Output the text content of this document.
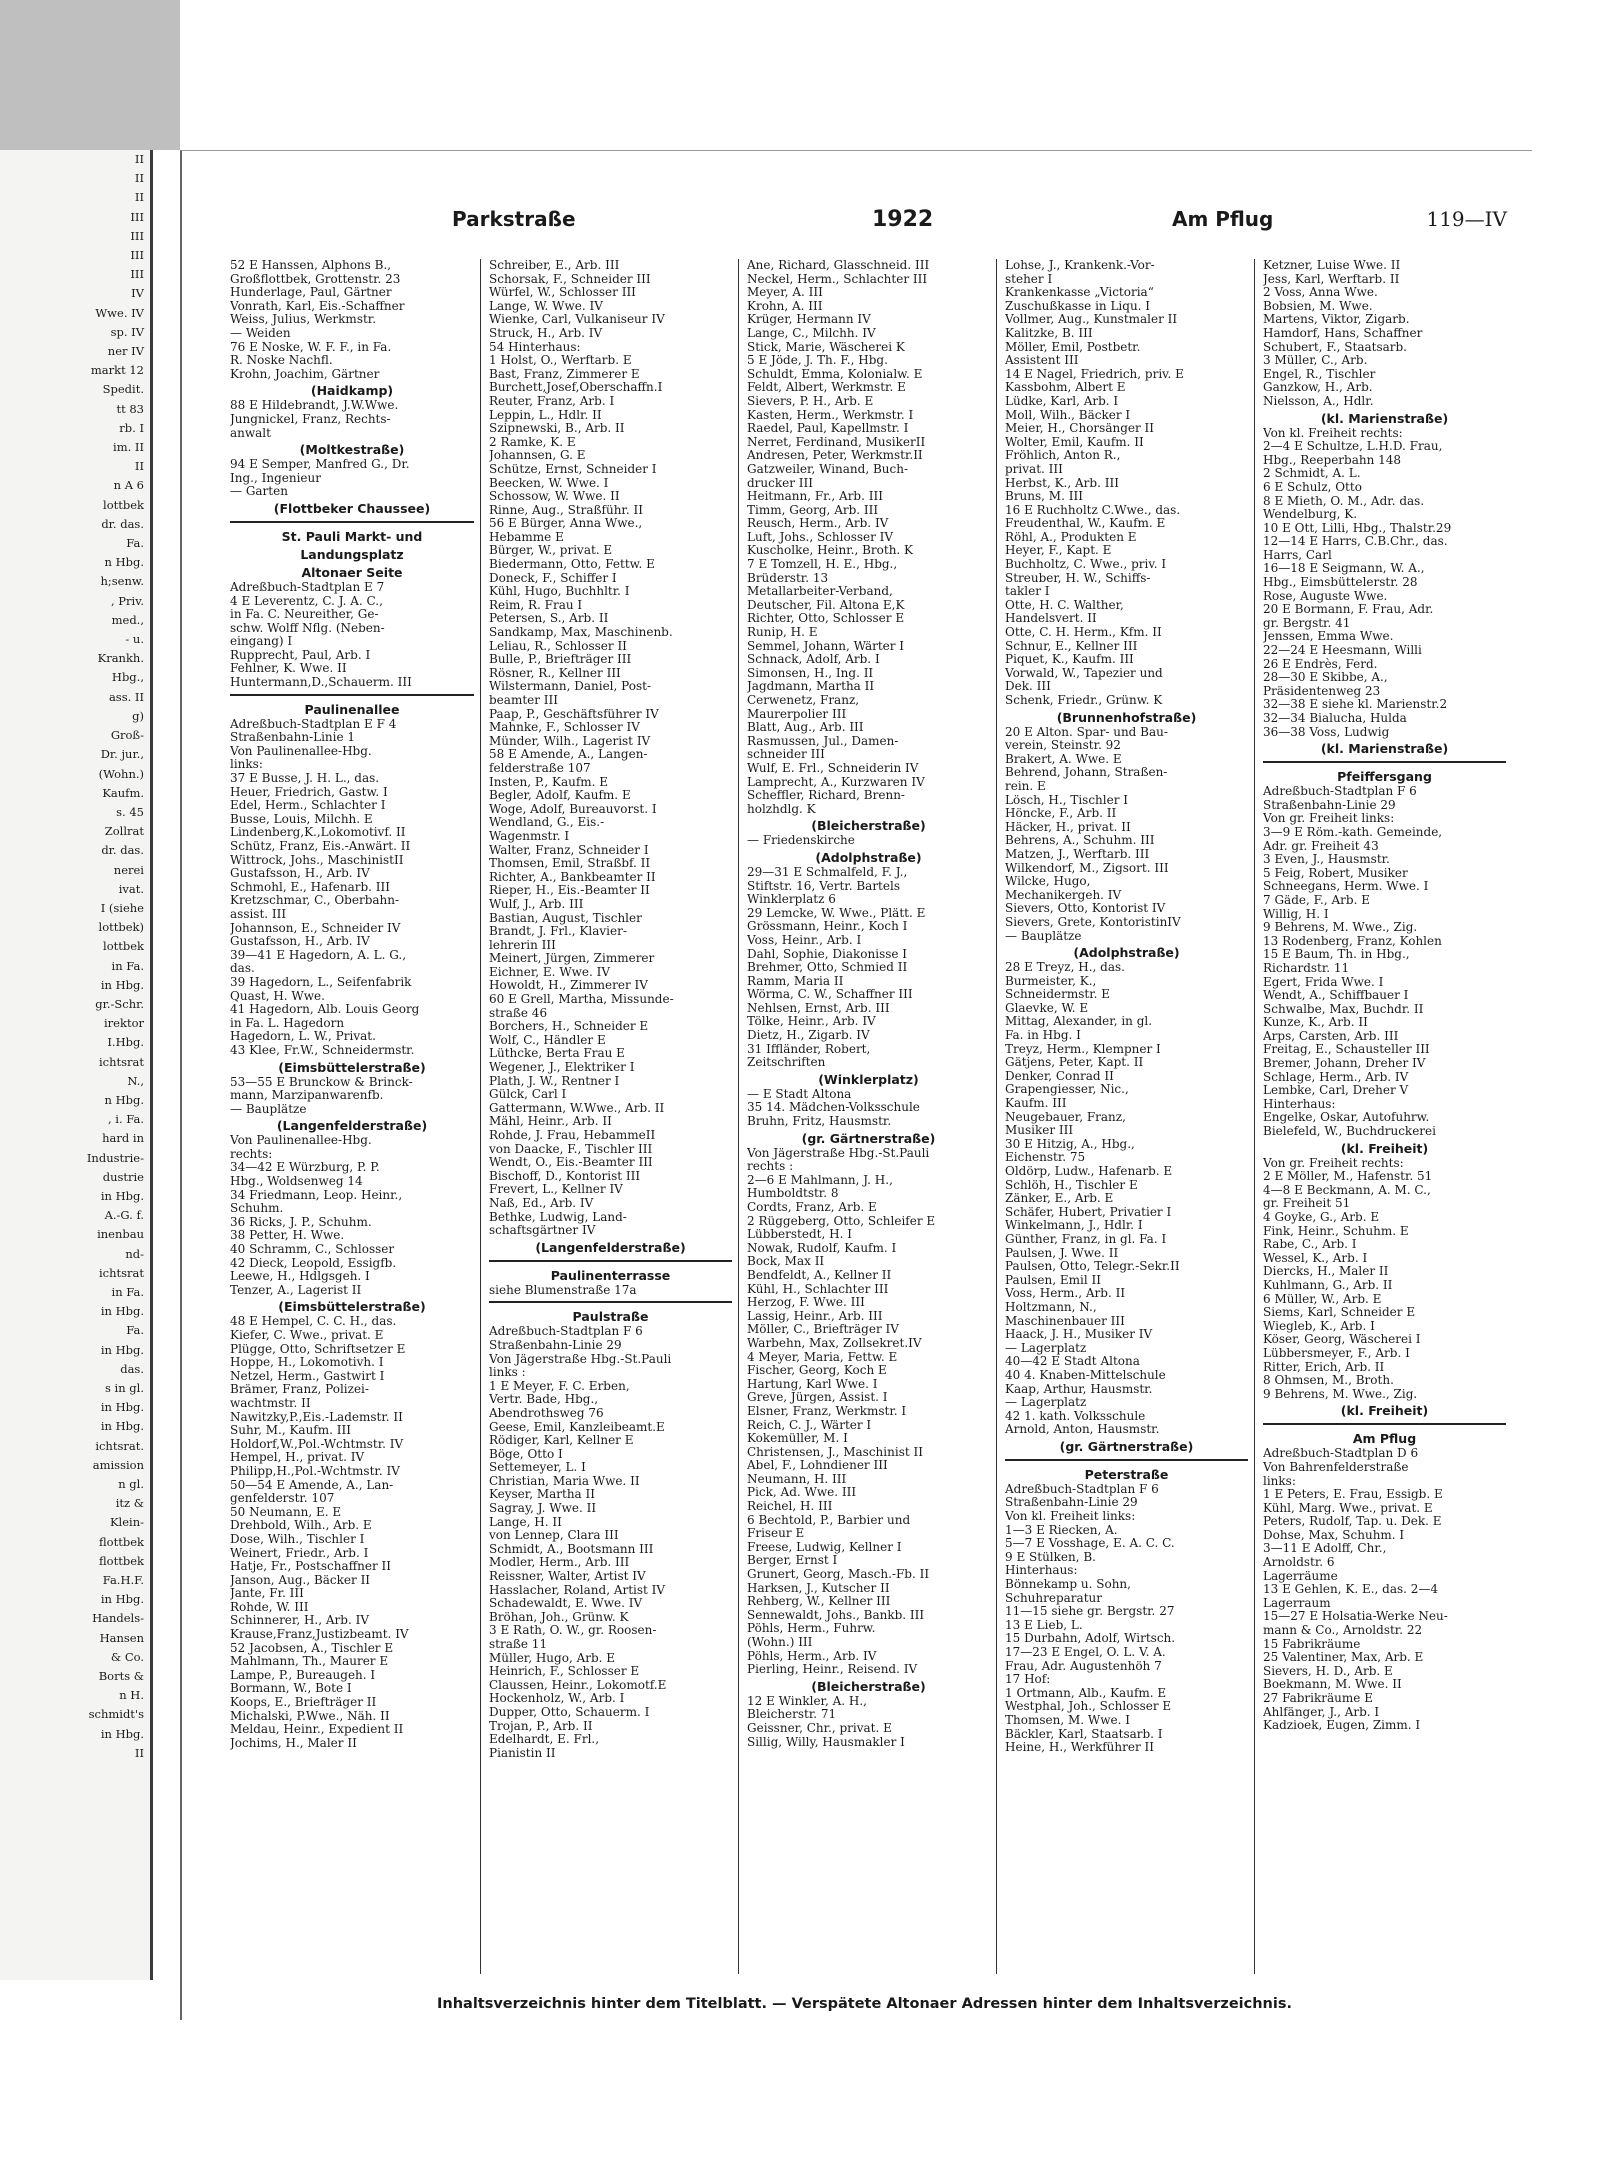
II
II
II
III
III
III
III
IV
Wwe. IV
sp. IV
ner IV
markt 12
Spedit.
tt 83
rb. I
im. II
II
n A 6
lottbek
dr. das.
Fa.
n Hbg.
h;senw.
, Priv.
med.,
- u.
Krankh.
Hbg.,
ass. II
g)
Groß-
Dr. jur.,
(Wohn.)
Kaufm.
s. 45
Zollrat
dr. das.
nerei
ivat.
I (siehe
lottbek)
lottbek
in Fa.
in Hbg.
gr.-Schr.
irektor
I.Hbg.
ichtsrat
N.,
n Hbg.
, i. Fa.
hard in
Industrie-
dustrie
in Hbg.
A.-G. f.
inenbau
nd-
ichtsrat
in Fa.
in Hbg.
Fa.
in Hbg.
das.
s in gl.
in Hbg.
in Hbg.
ichtsrat.
amission
n gl.
itz &
Klein-
flottbek
flottbek
Fa.H.F.
in Hbg.
Handels-
Hansen
& Co.
Borts &
n H.
schmidt's
in Hbg.
II
Parkstraße	1922	Am Pflug	119—IV
52 E Hanssen, Alphons B.,
Großflottbek, Grottenstr. 23
Hunderlage, Paul, Gärtner
Vonrath, Karl, Eis.-Schaffner
Weiss, Julius, Werkmstr.
— Weiden
76 E Noske, W. F. F., in Fa.
R. Noske Nachfl.
Krohn, Joachim, Gärtner
(Haidkamp)
88 E Hildebrandt, J.W.Wwe.
Jungnickel, Franz, Rechts-
anwalt
(Moltkestraße)
94 E Semper, Manfred G., Dr.
Ing., Ingenieur
— Garten
(Flottbeker Chaussee)
St. Pauli Markt- und
Landungsplatz
Altonaer Seite
Adreßbuch-Stadtplan E 7
4 E Leverentz, C. J. A. C.,
in Fa. C. Neureither, Ge-
schw. Wolff Nflg. (Neben-
eingang) I
Rupprecht, Paul, Arb. I
Fehlner, K. Wwe. II
Huntermann,D.,Schauerm. III
Paulinenallee
Adreßbuch-Stadtplan E F 4
Straßenbahn-Linie 1
Von Paulinenallee-Hbg.
links:
37 E Busse, J. H. L., das.
Heuer, Friedrich, Gastw. I
Edel, Herm., Schlachter I
Busse, Louis, Milchh. E
Lindenberg,K.,Lokomotivf. II
Schütz, Franz, Eis.-Anwärt. II
Wittrock, Johs., MaschinistII
Gustafsson, H., Arb. IV
Schmohl, E., Hafenarb. III
Kretzschmar, C., Oberbahn-
assist. III
Johannson, E., Schneider IV
Gustafsson, H., Arb. IV
39—41 E Hagedorn, A. L. G.,
das.
39 Hagedorn, L., Seifenfabrik
Quast, H. Wwe.
41 Hagedorn, Alb. Louis Georg
in Fa. L. Hagedorn
Hagedorn, L. W., Privat.
43 Klee, Fr.W., Schneidermstr.
(Eimsbüttelerstraße)
53—55 E Brunckow & Brinck-
mann, Marzipanwarenfb.
— Bauplätze
(Langenfelderstraße)
Von Paulinenallee-Hbg.
rechts:
34—42 E Würzburg, P. P.
Hbg., Woldsenweg 14
34 Friedmann, Leop. Heinr.,
Schuhm.
36 Ricks, J. P., Schuhm.
38 Petter, H. Wwe.
40 Schramm, C., Schlosser
42 Dieck, Leopold, Essigfb.
Leewe, H., Hdlgsgeh. I
Tenzer, A., Lagerist II
(Eimsbüttelerstraße)
48 E Hempel, C. C. H., das.
Kiefer, C. Wwe., privat. E
Plügge, Otto, Schriftsetzer E
Hoppe, H., Lokomotivh. I
Netzel, Herm., Gastwirt I
Brämer, Franz, Polizei-
wachtmstr. II
Nawitzky,P.,Eis.-Lademstr. II
Suhr, M., Kaufm. III
Holdorf,W.,Pol.-Wchtmstr. IV
Hempel, H., privat. IV
Philipp,H.,Pol.-Wchtmstr. IV
50—54 E Amende, A., Lan-
genfelderstr. 107
50 Neumann, E. E
Drehbold, Wilh., Arb. E
Dose, Wilh., Tischler I
Weinert, Friedr., Arb. I
Hatje, Fr., Postschaffner II
Janson, Aug., Bäcker II
Jante, Fr. III
Rohde, W. III
Schinnerer, H., Arb. IV
Krause,Franz,Justizbeamt. IV
52 Jacobsen, A., Tischler E
Mahlmann, Th., Maurer E
Lampe, P., Bureaugeh. I
Bormann, W., Bote I
Koops, E., Briefträger II
Michalski, P.Wwe., Näh. II
Meldau, Heinr., Expedient II
Jochims, H., Maler II
Schreiber, E., Arb. III
Schorsak, F., Schneider III
Würfel, W., Schlosser III
Lange, W. Wwe. IV
Wienke, Carl, Vulkaniseur IV
Struck, H., Arb. IV
54 Hinterhaus:
1 Holst, O., Werftarb. E
Bast, Franz, Zimmerer E
Burchett,Josef,Oberschaffn.I
Reuter, Franz, Arb. I
Leppin, L., Hdlr. II
Szipnewski, B., Arb. II
2 Ramke, K. E
Johannsen, G. E
Schütze, Ernst, Schneider I
Beecken, W. Wwe. I
Schossow, W. Wwe. II
Rinne, Aug., Straßführ. II
56 E Bürger, Anna Wwe.,
Hebamme E
Bürger, W., privat. E
Biedermann, Otto, Fettw. E
Doneck, F., Schiffer I
Kühl, Hugo, Buchhltr. I
Reim, R. Frau I
Petersen, S., Arb. II
Sandkamp, Max, Maschinenb.
Leliau, R., Schlosser II
Bulle, P., Briefträger III
Rösner, R., Kellner III
Wilstermann, Daniel, Post-
beamter III
Paap, P., Geschäftsführer IV
Mahnke, F., Schlosser IV
Münder, Wilh., Lagerist IV
58 E Amende, A., Langen-
felderstraße 107
Insten, P., Kaufm. E
Begler, Adolf, Kaufm. E
Woge, Adolf, Bureauvorst. I
Wendland, G., Eis.-
Wagenmstr. I
Walter, Franz, Schneider I
Thomsen, Emil, Straßbf. II
Richter, A., Bankbeamter II
Rieper, H., Eis.-Beamter II
Wulf, J., Arb. III
Bastian, August, Tischler
Brandt, J. Frl., Klavier-
lehrerin III
Meinert, Jürgen, Zimmerer
Eichner, E. Wwe. IV
Howoldt, H., Zimmerer IV
60 E Grell, Martha, Missunde-
straße 46
Borchers, H., Schneider E
Wolf, C., Händler E
Lüthcke, Berta Frau E
Wegener, J., Elektriker I
Plath, J. W., Rentner I
Gülck, Carl I
Gattermann, W.Wwe., Arb. II
Mähl, Heinr., Arb. II
Rohde, J. Frau, HebammeII
von Daacke, F., Tischler III
Wendt, O., Eis.-Beamter III
Bischoff, D., Kontorist III
Frevert, L., Kellner IV
Naß, Ed., Arb. IV
Bethke, Ludwig, Land-
schaftsgärtner IV
(Langenfelderstraße)
Paulinenterrasse
siehe Blumenstraße 17a
Paulstraße
Adreßbuch-Stadtplan F 6
Straßenbahn-Linie 29
Von Jägerstraße Hbg.-St.Pauli
links :
1 E Meyer, F. C. Erben,
Vertr. Bade, Hbg.,
Abendrothsweg 76
Geese, Emil, Kanzleibeamt.E
Rödiger, Karl, Kellner E
Böge, Otto I
Settemeyer, L. I
Christian, Maria Wwe. II
Keyser, Martha II
Sagray, J. Wwe. II
Lange, H. II
von Lennep, Clara III
Schmidt, A., Bootsmann III
Modler, Herm., Arb. III
Reissner, Walter, Artist IV
Hasslacher, Roland, Artist IV
Schadewaldt, E. Wwe. IV
Bröhan, Joh., Grünw. K
3 E Rath, O. W., gr. Roosen-
straße 11
Müller, Hugo, Arb. E
Heinrich, F., Schlosser E
Claussen, Heinr., Lokomotf.E
Hockenholz, W., Arb. I
Dupper, Otto, Schauerm. I
Trojan, P., Arb. II
Edelhardt, E. Frl.,
Pianistin II
Ane, Richard, Glasschneid. III
Neckel, Herm., Schlachter III
Meyer, A. III
Krohn, A. III
Krüger, Hermann IV
Lange, C., Milchh. IV
Stick, Marie, Wäscherei K
5 E Jöde, J. Th. F., Hbg.
Schuldt, Emma, Kolonialw. E
Feldt, Albert, Werkmstr. E
Sievers, P. H., Arb. E
Kasten, Herm., Werkmstr. I
Raedel, Paul, Kapellmstr. I
Nerret, Ferdinand, MusikerII
Andresen, Peter, Werkmstr.II
Gatzweiler, Winand, Buch-
drucker III
Heitmann, Fr., Arb. III
Timm, Georg, Arb. III
Reusch, Herm., Arb. IV
Luft, Johs., Schlosser IV
Kuscholke, Heinr., Broth. K
7 E Tomzell, H. E., Hbg.,
Brüderstr. 13
Metallarbeiter-Verband,
Deutscher, Fil. Altona E,K
Richter, Otto, Schlosser E
Runip, H. E
Semmel, Johann, Wärter I
Schnack, Adolf, Arb. I
Simonsen, H., Ing. II
Jagdmann, Martha II
Cerwenetz, Franz,
Maurerpolier III
Blatt, Aug., Arb. III
Rasmussen, Jul., Damen-
schneider III
Wulf, E. Frl., Schneiderin IV
Lamprecht, A., Kurzwaren IV
Scheffler, Richard, Brenn-
holzhdlg. K
(Bleicherstraße)
— Friedenskirche
(Adolphstraße)
29—31 E Schmalfeld, F. J.,
Stiftstr. 16, Vertr. Bartels
Winklerplatz 6
29 Lemcke, W. Wwe., Plätt. E
Grössmann, Heinr., Koch I
Voss, Heinr., Arb. I
Dahl, Sophie, Diakonisse I
Brehmer, Otto, Schmied II
Ramm, Maria II
Wörma, C. W., Schaffner III
Nehlsen, Ernst, Arb. III
Tölke, Heinr., Arb. IV
Dietz, H., Zigarb. IV
31 Iffländer, Robert,
Zeitschriften
(Winklerplatz)
— E Stadt Altona
35 14. Mädchen-Volksschule
Bruhn, Fritz, Hausmstr.
(gr. Gärtnerstraße)
Von Jägerstraße Hbg.-St.Pauli
rechts :
2—6 E Mahlmann, J. H.,
Humboldtstr. 8
Cordts, Franz, Arb. E
2 Rüggeberg, Otto, Schleifer E
Lübberstedt, H. I
Nowak, Rudolf, Kaufm. I
Bock, Max II
Bendfeldt, A., Kellner II
Kühl, H., Schlachter III
Herzog, F. Wwe. III
Lassig, Heinr., Arb. III
Möller, C., Briefträger IV
Warbehn, Max, Zollsekret.IV
4 Meyer, Maria, Fettw. E
Fischer, Georg, Koch E
Hartung, Karl Wwe. I
Greve, Jürgen, Assist. I
Elsner, Franz, Werkmstr. I
Reich, C. J., Wärter I
Kokemüller, M. I
Christensen, J., Maschinist II
Abel, F., Lohndiener III
Neumann, H. III
Pick, Ad. Wwe. III
Reichel, H. III
6 Bechtold, P., Barbier und
Friseur E
Freese, Ludwig, Kellner I
Berger, Ernst I
Grunert, Georg, Masch.-Fb. II
Harksen, J., Kutscher II
Rehberg, W., Kellner III
Sennewaldt, Johs., Bankb. III
Pöhls, Herm., Fuhrw.
(Wohn.) III
Pöhls, Herm., Arb. IV
Pierling, Heinr., Reisend. IV
(Bleicherstraße)
12 E Winkler, A. H.,
Bleicherstr. 71
Geissner, Chr., privat. E
Sillig, Willy, Hausmakler I
Lohse, J., Krankenk.-Vor-
steher I
Krankenkasse „Victoria“
Zuschußkasse in Liqu. I
Vollmer, Aug., Kunstmaler II
Kalitzke, B. III
Möller, Emil, Postbetr.
Assistent III
14 E Nagel, Friedrich, priv. E
Kassbohm, Albert E
Lüdke, Karl, Arb. I
Moll, Wilh., Bäcker I
Meier, H., Chorsänger II
Wolter, Emil, Kaufm. II
Fröhlich, Anton R.,
privat. III
Herbst, K., Arb. III
Bruns, M. III
16 E Ruchholtz C.Wwe., das.
Freudenthal, W., Kaufm. E
Röhl, A., Produkten E
Heyer, F., Kapt. E
Buchholtz, C. Wwe., priv. I
Streuber, H. W., Schiffs-
takler I
Otte, H. C. Walther,
Handelsvert. II
Otte, C. H. Herm., Kfm. II
Schnur, E., Kellner III
Piquet, K., Kaufm. III
Vorwald, W., Tapezier und
Dek. III
Schenk, Friedr., Grünw. K
(Brunnenhofstraße)
20 E Alton. Spar- und Bau-
verein, Steinstr. 92
Brakert, A. Wwe. E
Behrend, Johann, Straßen-
rein. E
Lösch, H., Tischler I
Höncke, F., Arb. II
Häcker, H., privat. II
Behrens, A., Schuhm. III
Matzen, J., Werftarb. III
Wilkendorf, M., Zigsort. III
Wilcke, Hugo,
Mechanikergeh. IV
Sievers, Otto, Kontorist IV
Sievers, Grete, KontoristinIV
— Bauplätze
(Adolphstraße)
28 E Treyz, H., das.
Burmeister, K.,
Schneidermstr. E
Glaevke, W. E
Mittag, Alexander, in gl.
Fa. in Hbg. I
Treyz, Herm., Klempner I
Gätjens, Peter, Kapt. II
Denker, Conrad II
Grapengiesser, Nic.,
Kaufm. III
Neugebauer, Franz,
Musiker III
30 E Hitzig, A., Hbg.,
Eichenstr. 75
Oldörp, Ludw., Hafenarb. E
Schlöh, H., Tischler E
Zänker, E., Arb. E
Schäfer, Hubert, Privatier I
Winkelmann, J., Hdlr. I
Günther, Franz, in gl. Fa. I
Paulsen, J. Wwe. II
Paulsen, Otto, Telegr.-Sekr.II
Paulsen, Emil II
Voss, Herm., Arb. II
Holtzmann, N.,
Maschinenbauer III
Haack, J. H., Musiker IV
— Lagerplatz
40—42 E Stadt Altona
40 4. Knaben-Mittelschule
Kaap, Arthur, Hausmstr.
— Lagerplatz
42 1. kath. Volksschule
Arnold, Anton, Hausmstr.
(gr. Gärtnerstraße)
Peterstraße
Adreßbuch-Stadtplan F 6
Straßenbahn-Linie 29
Von kl. Freiheit links:
1—3 E Riecken, A.
5—7 E Vosshage, E. A. C. C.
9 E Stülken, B.
Hinterhaus:
Bönnekamp u. Sohn,
Schuhreparatur
11—15 siehe gr. Bergstr. 27
13 E Lieb, L.
15 Durbahn, Adolf, Wirtsch.
17—23 E Engel, O. L. V. A.
Frau, Adr. Augustenhöh 7
17 Hof:
1 Ortmann, Alb., Kaufm. E
Westphal, Joh., Schlosser E
Thomsen, M. Wwe. I
Bäckler, Karl, Staatsarb. I
Heine, H., Werkführer II
Ketzner, Luise Wwe. II
Jess, Karl, Werftarb. II
2 Voss, Anna Wwe.
Bobsien, M. Wwe.
Martens, Viktor, Zigarb.
Hamdorf, Hans, Schaffner
Schubert, F., Staatsarb.
3 Müller, C., Arb.
Engel, R., Tischler
Ganzkow, H., Arb.
Nielsson, A., Hdlr.
(kl. Marienstraße)
Von kl. Freiheit rechts:
2—4 E Schultze, L.H.D. Frau,
Hbg., Reeperbahn 148
2 Schmidt, A. L.
6 E Schulz, Otto
8 E Mieth, O. M., Adr. das.
Wendelburg, K.
10 E Ott, Lilli, Hbg., Thalstr.29
12—14 E Harrs, C.B.Chr., das.
Harrs, Carl
16—18 E Seigmann, W. A.,
Hbg., Eimsbüttelerstr. 28
Rose, Auguste Wwe.
20 E Bormann, F. Frau, Adr.
gr. Bergstr. 41
Jenssen, Emma Wwe.
22—24 E Heesmann, Willi
26 E Endrès, Ferd.
28—30 E Skibbe, A.,
Präsidentenweg 23
32—38 E siehe kl. Marienstr.2
32—34 Bialucha, Hulda
36—38 Voss, Ludwig
(kl. Marienstraße)
Pfeiffersgang
Adreßbuch-Stadtplan F 6
Straßenbahn-Linie 29
Von gr. Freiheit links:
3—9 E Röm.-kath. Gemeinde,
Adr. gr. Freiheit 43
3 Even, J., Hausmstr.
5 Feig, Robert, Musiker
Schneegans, Herm. Wwe. I
7 Gäde, F., Arb. E
Willig, H. I
9 Behrens, M. Wwe., Zig.
13 Rodenberg, Franz, Kohlen
15 E Baum, Th. in Hbg.,
Richardstr. 11
Egert, Frida Wwe. I
Wendt, A., Schiffbauer I
Schwalbe, Max, Buchdr. II
Kunze, K., Arb. II
Arps, Carsten, Arb. III
Freitag, E., Schausteller III
Bremer, Johann, Dreher IV
Schlage, Herm., Arb. IV
Lembke, Carl, Dreher V
Hinterhaus:
Engelke, Oskar, Autofuhrw.
Bielefeld, W., Buchdruckerei
(kl. Freiheit)
Von gr. Freiheit rechts:
2 E Möller, M., Hafenstr. 51
4—8 E Beckmann, A. M. C.,
gr. Freiheit 51
4 Goyke, G., Arb. E
Fink, Heinr., Schuhm. E
Rabe, C., Arb. I
Wessel, K., Arb. I
Diercks, H., Maler II
Kuhlmann, G., Arb. II
6 Müller, W., Arb. E
Siems, Karl, Schneider E
Wiegleb, K., Arb. I
Köser, Georg, Wäscherei I
Lübbersmeyer, F., Arb. I
Ritter, Erich, Arb. II
8 Ohmsen, M., Broth.
9 Behrens, M. Wwe., Zig.
(kl. Freiheit)
Am Pflug
Adreßbuch-Stadtplan D 6
Von Bahrenfelderstraße
links:
1 E Peters, E. Frau, Essigb. E
Kühl, Marg. Wwe., privat. E
Peters, Rudolf, Tap. u. Dek. E
Dohse, Max, Schuhm. I
3—11 E Adolff, Chr.,
Arnoldstr. 6
Lagerräume
13 E Gehlen, K. E., das. 2—4
Lagerraum
15—27 E Holsatia-Werke Neu-
mann & Co., Arnoldstr. 22
15 Fabrikräume
25 Valentiner, Max, Arb. E
Sievers, H. D., Arb. E
Boekmann, M. Wwe. II
27 Fabrikräume E
Ahlfänger, J., Arb. I
Kadzioek, Eugen, Zimm. I
Inhaltsverzeichnis hinter dem Titelblatt. — Verspätete Altonaer Adressen hinter dem Inhaltsverzeichnis.
